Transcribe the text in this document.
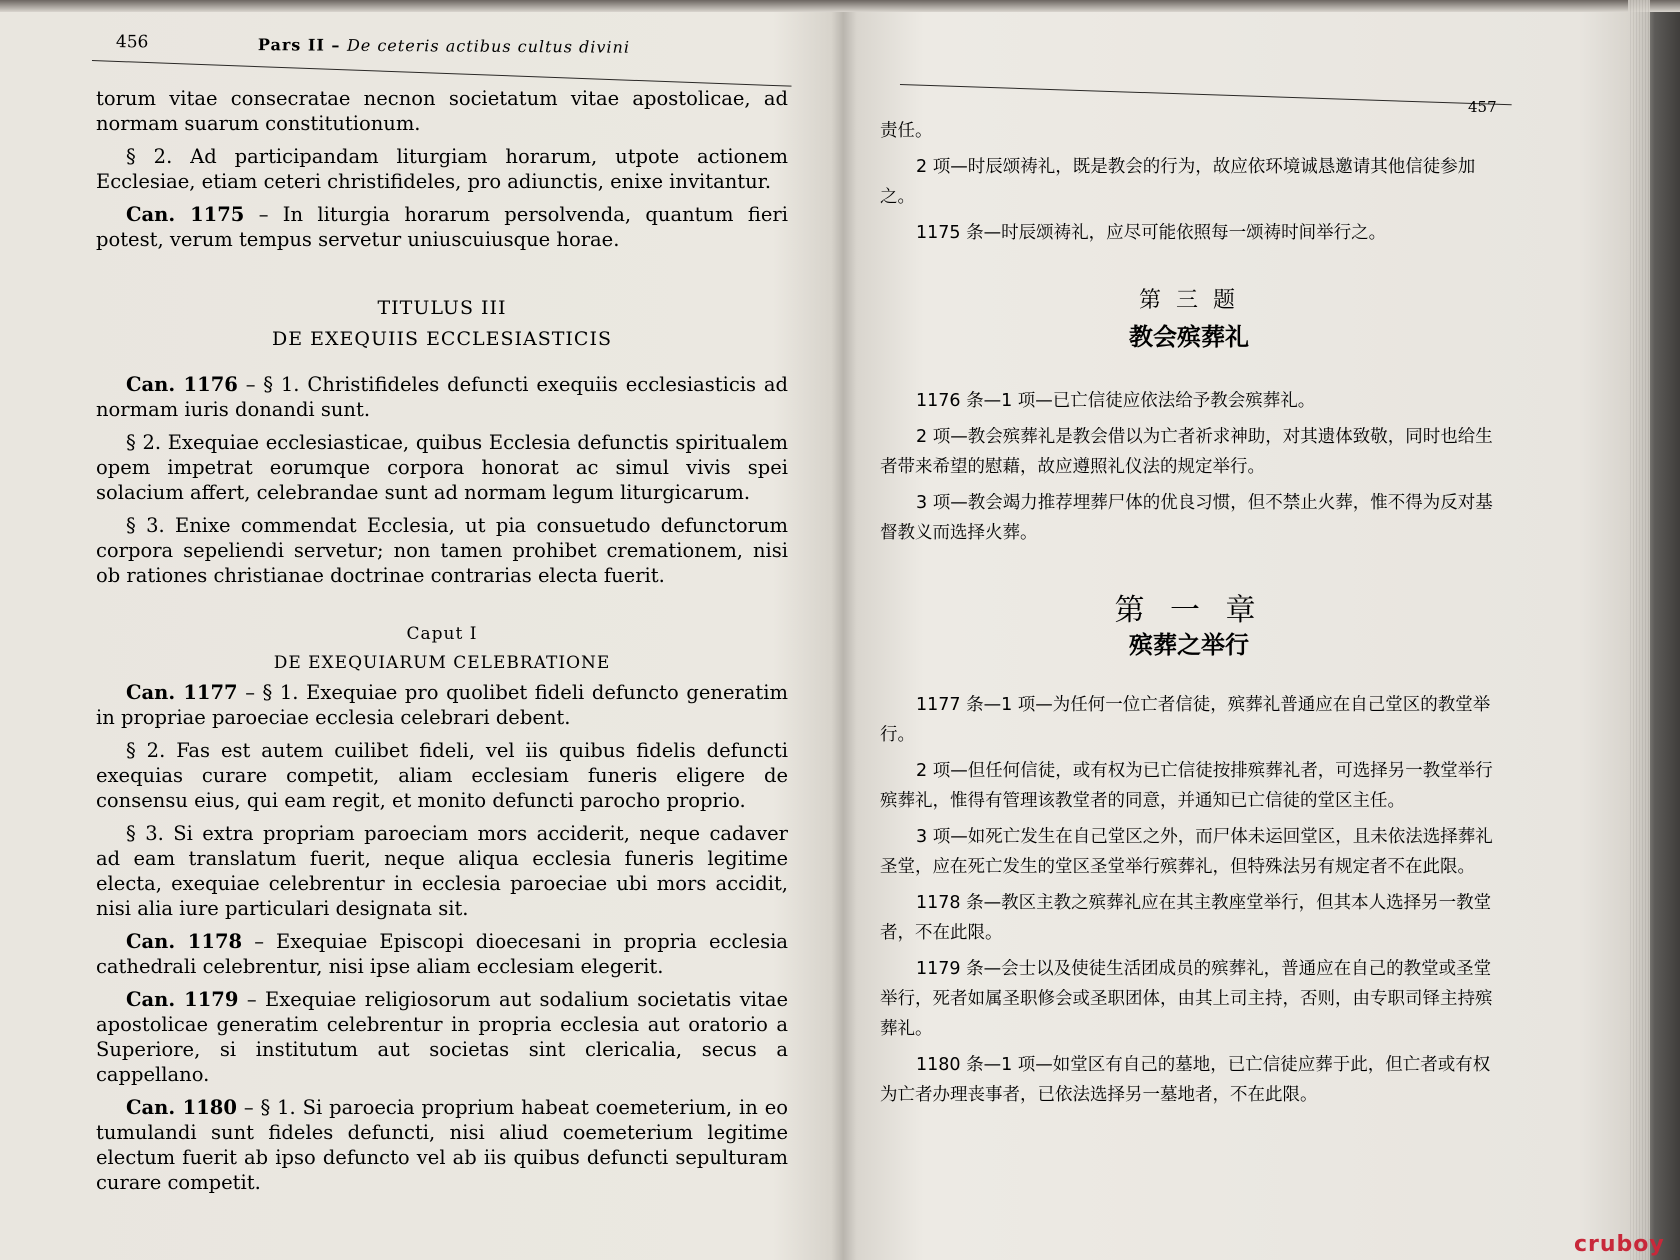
456	Pars II – De ceteris actibus cultus divini

torum vitae consecratae necnon societatum vitae apostolicae, ad normam suarum constitutionum.

§ 2. Ad participandam liturgiam horarum, utpote actionem Ecclesiae, etiam ceteri christifideles, pro adiunctis, enixe invitantur.

Can. 1175 – In liturgia horarum persolvenda, quantum fieri potest, verum tempus servetur uniuscuiusque horae.

TITULUS III
DE EXEQUIIS ECCLESIASTICIS

Can. 1176 – § 1. Christifideles defuncti exequiis ecclesiasticis ad normam iuris donandi sunt.

§ 2. Exequiae ecclesiasticae, quibus Ecclesia defunctis spiritualem opem impetrat eorumque corpora honorat ac simul vivis spei solacium affert, celebrandae sunt ad normam legum liturgicarum.

§ 3. Enixe commendat Ecclesia, ut pia consuetudo defunctorum corpora sepeliendi servetur; non tamen prohibet cremationem, nisi ob rationes christianae doctrinae contrarias electa fuerit.

Caput I
DE EXEQUIARUM CELEBRATIONE

Can. 1177 – § 1. Exequiae pro quolibet fideli defuncto generatim in propriae paroeciae ecclesia celebrari debent.

§ 2. Fas est autem cuilibet fideli, vel iis quibus fidelis defuncti exequias curare competit, aliam ecclesiam funeris eligere de consensu eius, qui eam regit, et monito defuncti parocho proprio.

§ 3. Si extra propriam paroeciam mors acciderit, neque cadaver ad eam translatum fuerit, neque aliqua ecclesia funeris legitime electa, exequiae celebrentur in ecclesia paroeciae ubi mors accidit, nisi alia iure particulari designata sit.

Can. 1178 – Exequiae Episcopi dioecesani in propria ecclesia cathedrali celebrentur, nisi ipse aliam ecclesiam elegerit.

Can. 1179 – Exequiae religiosorum aut sodalium societatis vitae apostolicae generatim celebrentur in propria ecclesia aut oratorio a Superiore, si institutum aut societas sint clericalia, secus a cappellano.

Can. 1180 – § 1. Si paroecia proprium habeat coemeterium, in eo tumulandi sunt fideles defuncti, nisi aliud coemeterium legitime electum fuerit ab ipso defuncto vel ab iis quibus defuncti sepulturam curare competit.

457

责任。

2 项—时辰颂祷礼，既是教会的行为，故应依环境诚恳邀请其他信徒参加之。

1175 条—时辰颂祷礼，应尽可能依照每一颂祷时间举行之。

第 三 题
教会殡葬礼

1176 条—1 项—已亡信徒应依法给予教会殡葬礼。

2 项—教会殡葬礼是教会借以为亡者祈求神助，对其遗体致敬，同时也给生者带来希望的慰藉，故应遵照礼仪法的规定举行。

3 项—教会竭力推荐埋葬尸体的优良习惯，但不禁止火葬，惟不得为反对基督教义而选择火葬。

第 一 章
殡葬之举行

1177 条—1 项—为任何一位亡者信徒，殡葬礼普通应在自己堂区的教堂举行。

2 项—但任何信徒，或有权为已亡信徒按排殡葬礼者，可选择另一教堂举行殡葬礼，惟得有管理该教堂者的同意，并通知已亡信徒的堂区主任。

3 项—如死亡发生在自己堂区之外，而尸体未运回堂区，且未依法选择葬礼圣堂，应在死亡发生的堂区圣堂举行殡葬礼，但特殊法另有规定者不在此限。

1178 条—教区主教之殡葬礼应在其主教座堂举行，但其本人选择另一教堂者，不在此限。

1179 条—会士以及使徒生活团成员的殡葬礼，普通应在自己的教堂或圣堂举行，死者如属圣职修会或圣职团体，由其上司主持，否则，由专职司铎主持殡葬礼。

1180 条—1 项—如堂区有自己的墓地，已亡信徒应葬于此，但亡者或有权为亡者办理丧事者，已依法选择另一墓地者，不在此限。

cruboy
